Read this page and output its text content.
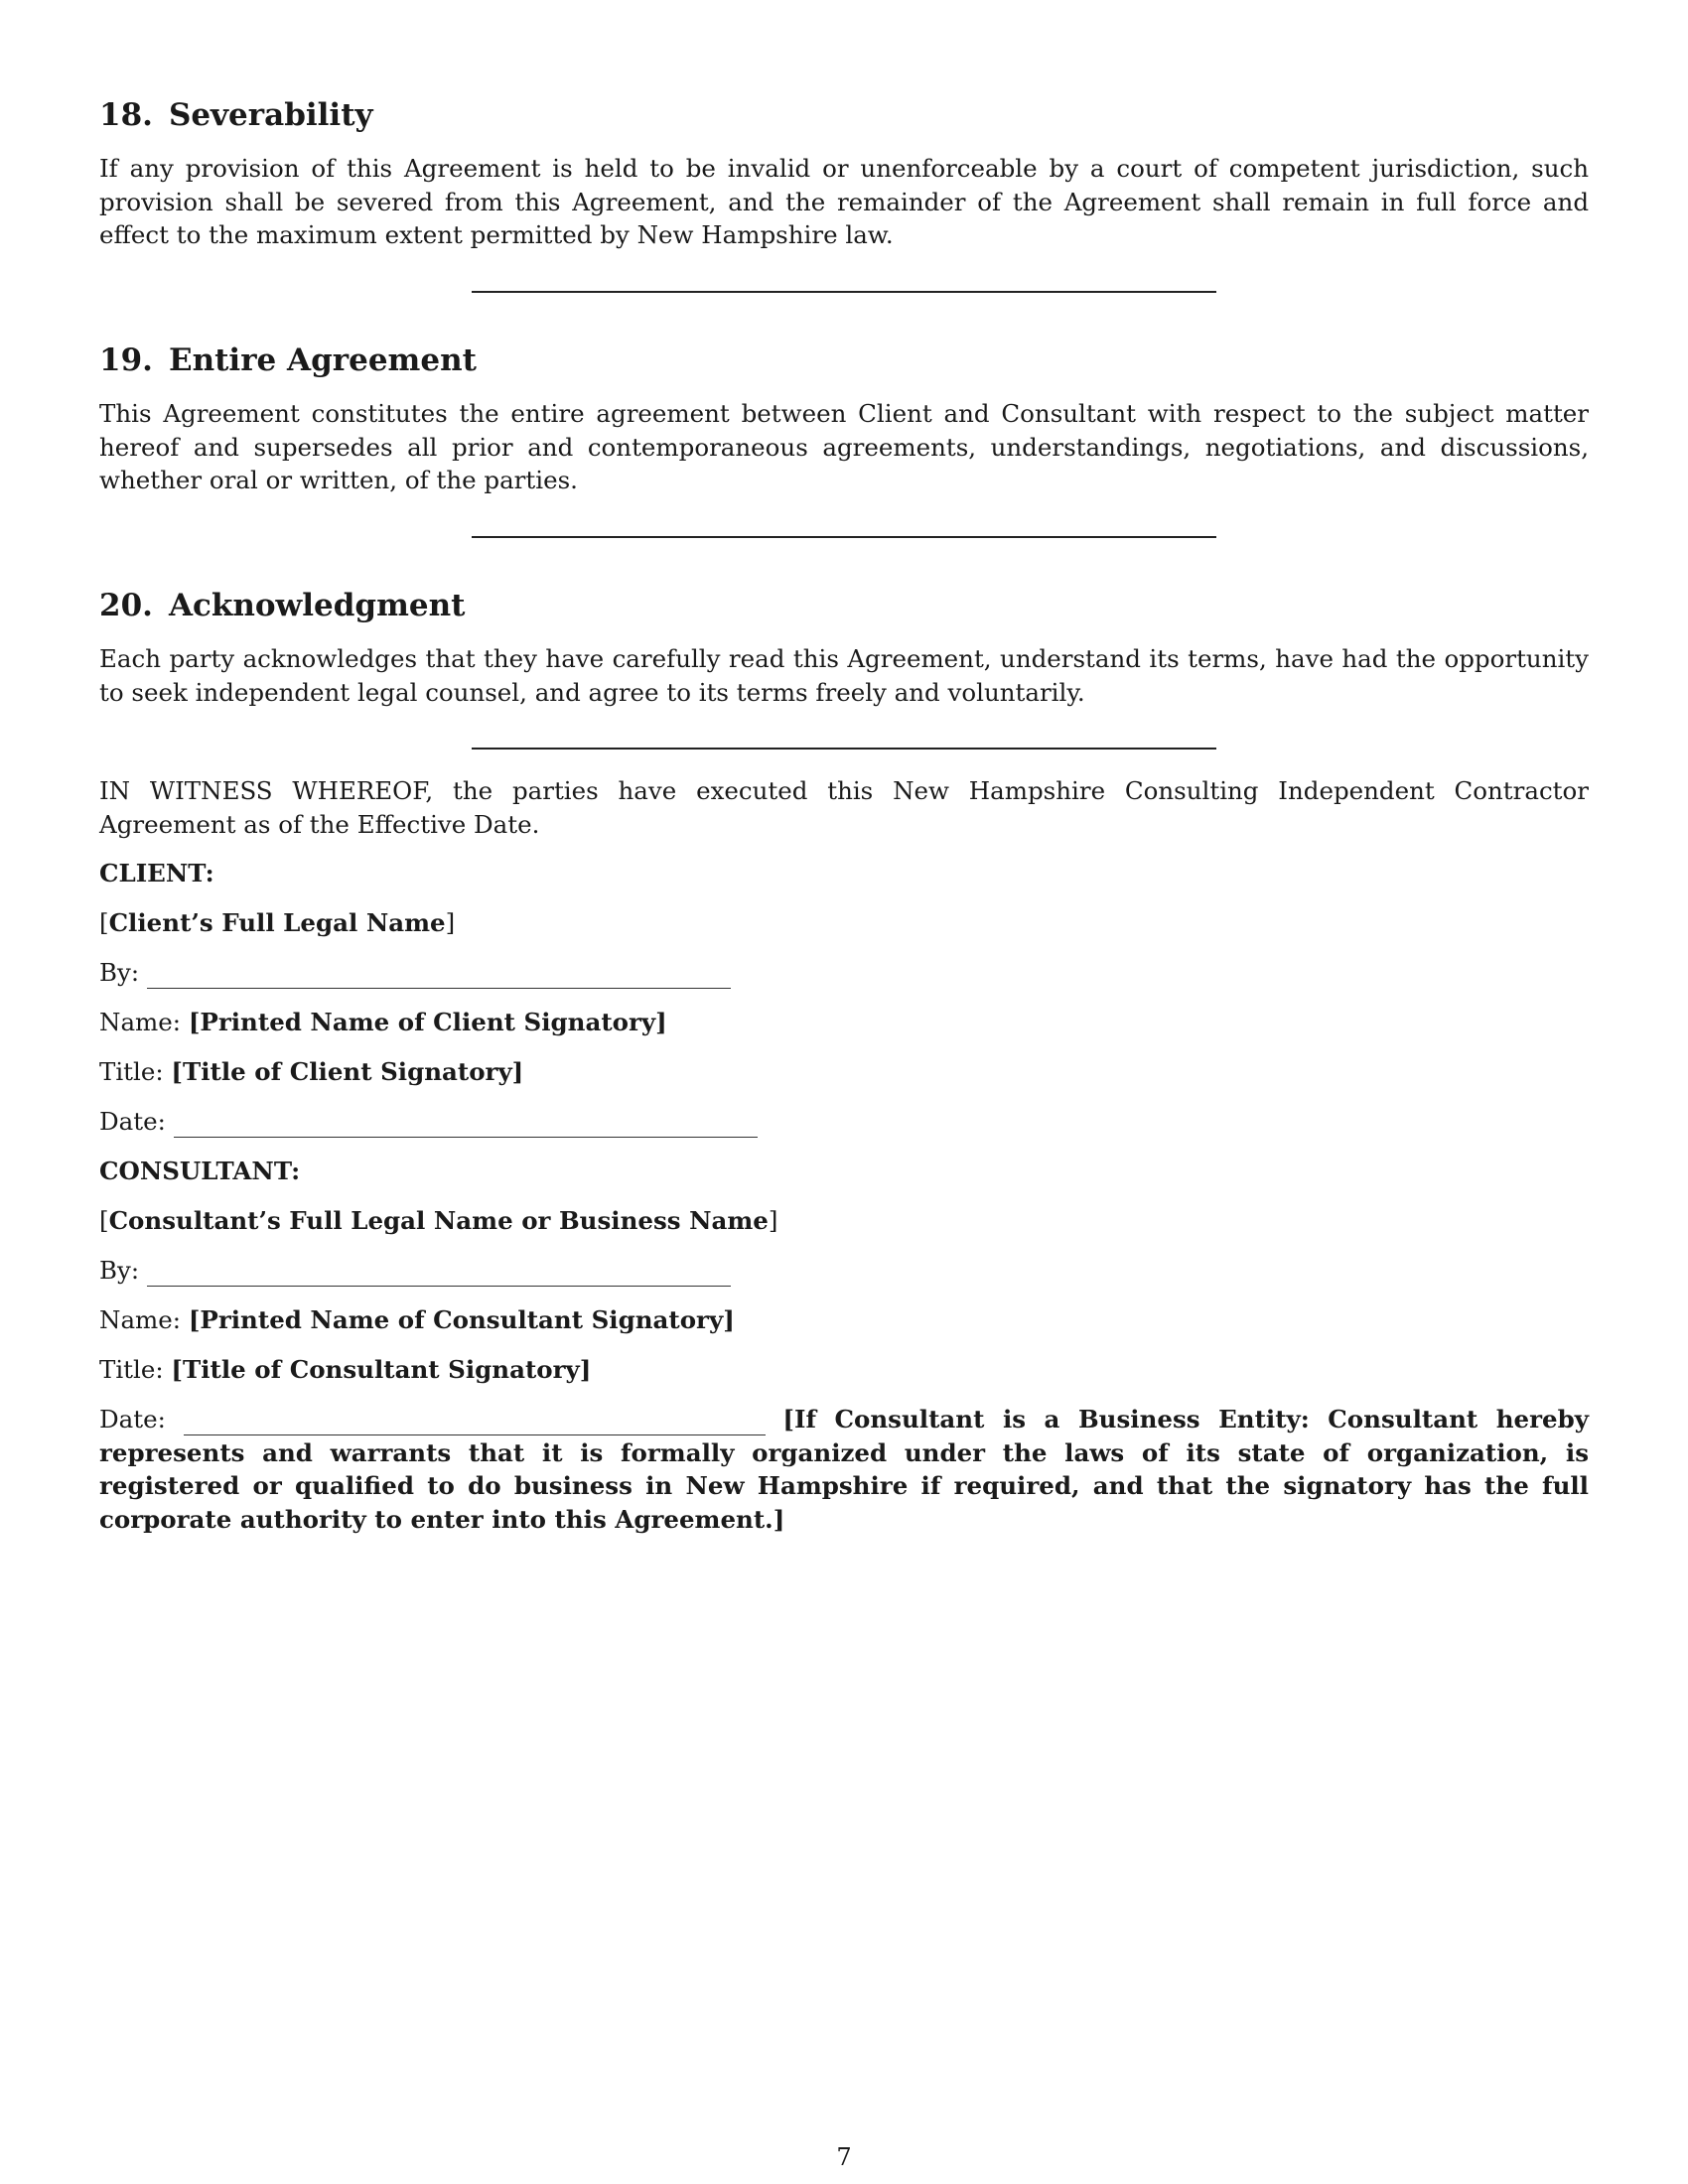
18. Severability

If any provision of this Agreement is held to be invalid or unenforceable by a court of competent jurisdiction, such provision shall be severed from this Agreement, and the remainder of the Agreement shall remain in full force and effect to the maximum extent permitted by New Hampshire law.

19. Entire Agreement

This Agreement constitutes the entire agreement between Client and Consultant with respect to the subject matter hereof and supersedes all prior and contemporaneous agreements, understandings, negotiations, and discussions, whether oral or written, of the parties.

20. Acknowledgment

Each party acknowledges that they have carefully read this Agreement, understand its terms, have had the opportunity to seek independent legal counsel, and agree to its terms freely and voluntarily.

IN WITNESS WHEREOF, the parties have executed this New Hampshire Consulting Independent Contractor Agreement as of the Effective Date.

CLIENT:
[Client’s Full Legal Name]
By:
Name: [Printed Name of Client Signatory]
Title: [Title of Client Signatory]
Date:
CONSULTANT:
[Consultant’s Full Legal Name or Business Name]
By:
Name: [Printed Name of Consultant Signatory]
Title: [Title of Consultant Signatory]

Date:	[If Consultant is a Business Entity: Consultant hereby represents and warrants that it is formally organized under the laws of its state of organization, is registered or qualified to do business in New Hampshire if required, and that the signatory has the full corporate authority to enter into this Agreement.]

7
